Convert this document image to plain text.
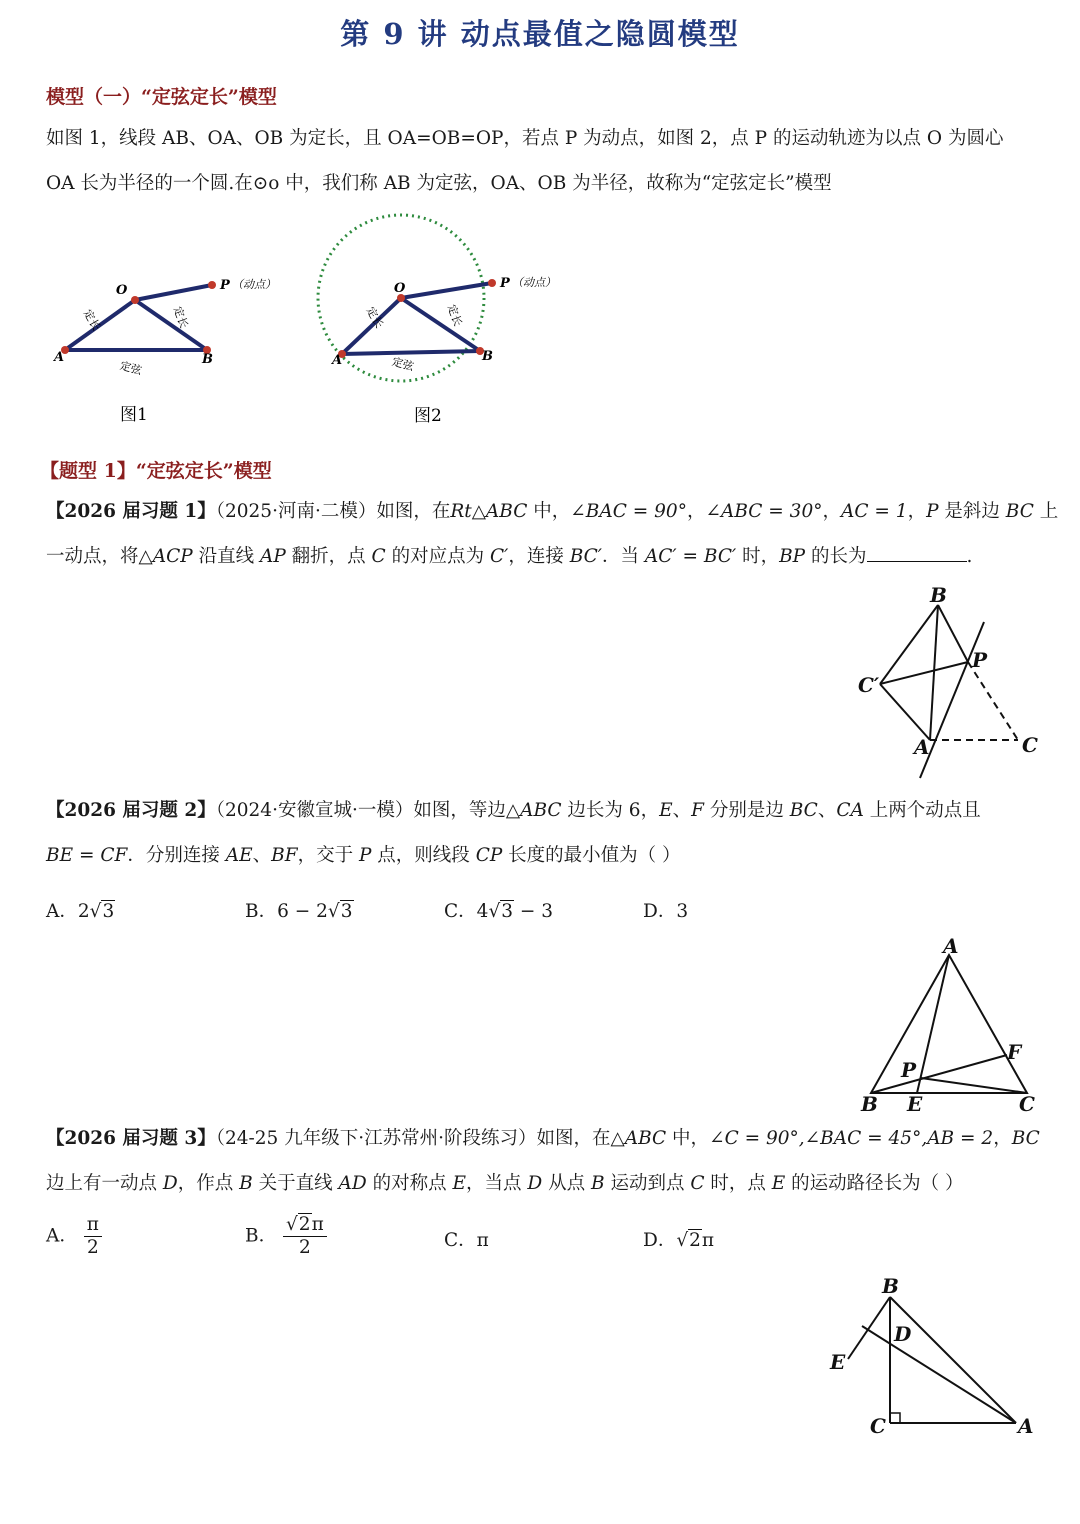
第 9 讲 动点最值之隐圆模型
模型（一）“定弦定长”模型
如图 1，线段 AB、OA、OB 为定长，且 OA=OB=OP，若点 P 为动点，如图 2，点 P 的运动轨迹为以点 O 为圆心
OA 长为半径的一个圆.在⊙o 中，我们称 AB 为定弦，OA、OB 为半径，故称为“定弦定长”模型
O	P （动点）
A	B
定长	定长
定弦
图1
O	P （动点）
A	B
定长	定长
定弦
图2
【题型 1】“定弦定长”模型
【2026 届习题 1】（2025·河南·二模）如图，在Rt△ABC 中，∠BAC = 90°，∠ABC = 30°，AC = 1，P 是斜边 BC 上
一动点，将△ACP 沿直线 AP 翻折，点 C 的对应点为 C′，连接 BC′．当 AC′ = BC′ 时，BP 的长为	.
B
C′
P
A	C
【2026 届习题 2】（2024·安徽宣城·一模）如图，等边△ABC 边长为 6，E、F 分别是边 BC、CA 上两个动点且
BE = CF．分别连接 AE、BF，交于 P 点，则线段 CP 长度的最小值为（ ）
A．2√3	B．6 − 2√3	C．4√3 − 3	D．3
A
F
P
B E	C
【2026 届习题 3】（24-25 九年级下·江苏常州·阶段练习）如图，在△ABC 中，∠C = 90°,∠BAC = 45°,AB = 2，BC
边上有一动点 D，作点 B 关于直线 AD 的对称点 E，当点 D 从点 B 运动到点 C 时，点 E 的运动路径长为（ ）
A． $\frac{\pi}{2}$	B． $\frac{√2\pi}{2}$	C．π	D．√2π
B
D
E
C	A
